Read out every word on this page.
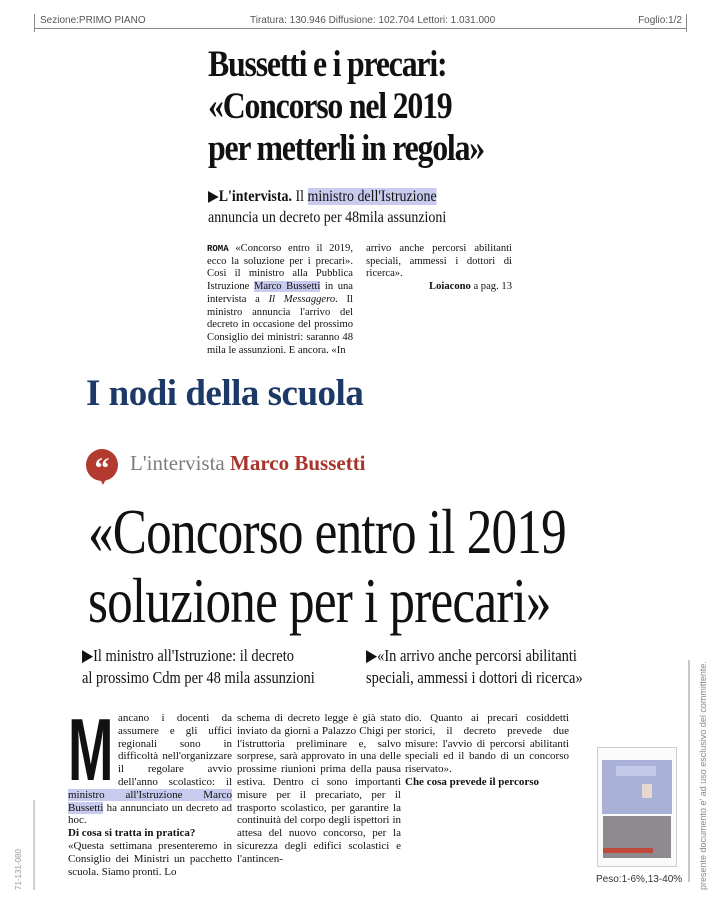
Sezione:PRIMO PIANO	Tiratura: 130.946 Diffusione: 102.704 Lettori: 1.031.000	Foglio:1/2
Bussetti e i precari:
«Concorso nel 2019
per metterli in regola»
▶L'intervista. Il ministro dell'Istruzione
annuncia un decreto per 48mila assunzioni
ROMA «Concorso entro il 2019, ecco la soluzione per i precari». Così il ministro alla Pubblica Istruzione Marco Bussetti in una intervista a Il Messaggero. Il ministro annuncia l'arrivo del decreto in occasione del prossimo Consiglio dei ministri: saranno 48 mila le assunzioni. E ancora. «In
arrivo anche percorsi abilitanti speciali, ammessi i dottori di ricerca».
Loiacono a pag. 13
I nodi della scuola
“ L'intervista Marco Bussetti
«Concorso entro il 2019
soluzione per i precari»
▶Il ministro all'Istruzione: il decreto
al prossimo Cdm per 48 mila assunzioni
▶«In arrivo anche percorsi abilitanti
speciali, ammessi i dottori di ricerca»
M ancano i docenti da assumere e gli uffici regionali sono in difficoltà nell'organizzare il regolare avvio dell'anno scolastico: il ministro all'Istruzione Marco Bussetti ha annunciato un decreto ad hoc.
Di cosa si tratta in pratica?
«Questa settimana presenteremo in Consiglio dei Ministri un pacchetto scuola. Siamo pronti. Lo
schema di decreto legge è già stato inviato da giorni a Palazzo Chigi per l'istruttoria preliminare e, salvo sorprese, sarà approvato in una delle prossime riunioni prima della pausa estiva. Dentro ci sono importanti misure per il precariato, per il trasporto scolastico, per garantire la continuità del corpo degli ispettori in attesa del nuovo concorso, per la sicurezza degli edifici scolastici e l'antincen-
dio. Quanto ai precari cosiddetti storici, il decreto prevede due misure: l'avvio di percorsi abilitanti speciali ed il bando di un concorso riservato».
Che cosa prevede il percorso
Peso:1-6%,13-40% presente documento e' ad uso esclusivo del committente.
71-131-080
